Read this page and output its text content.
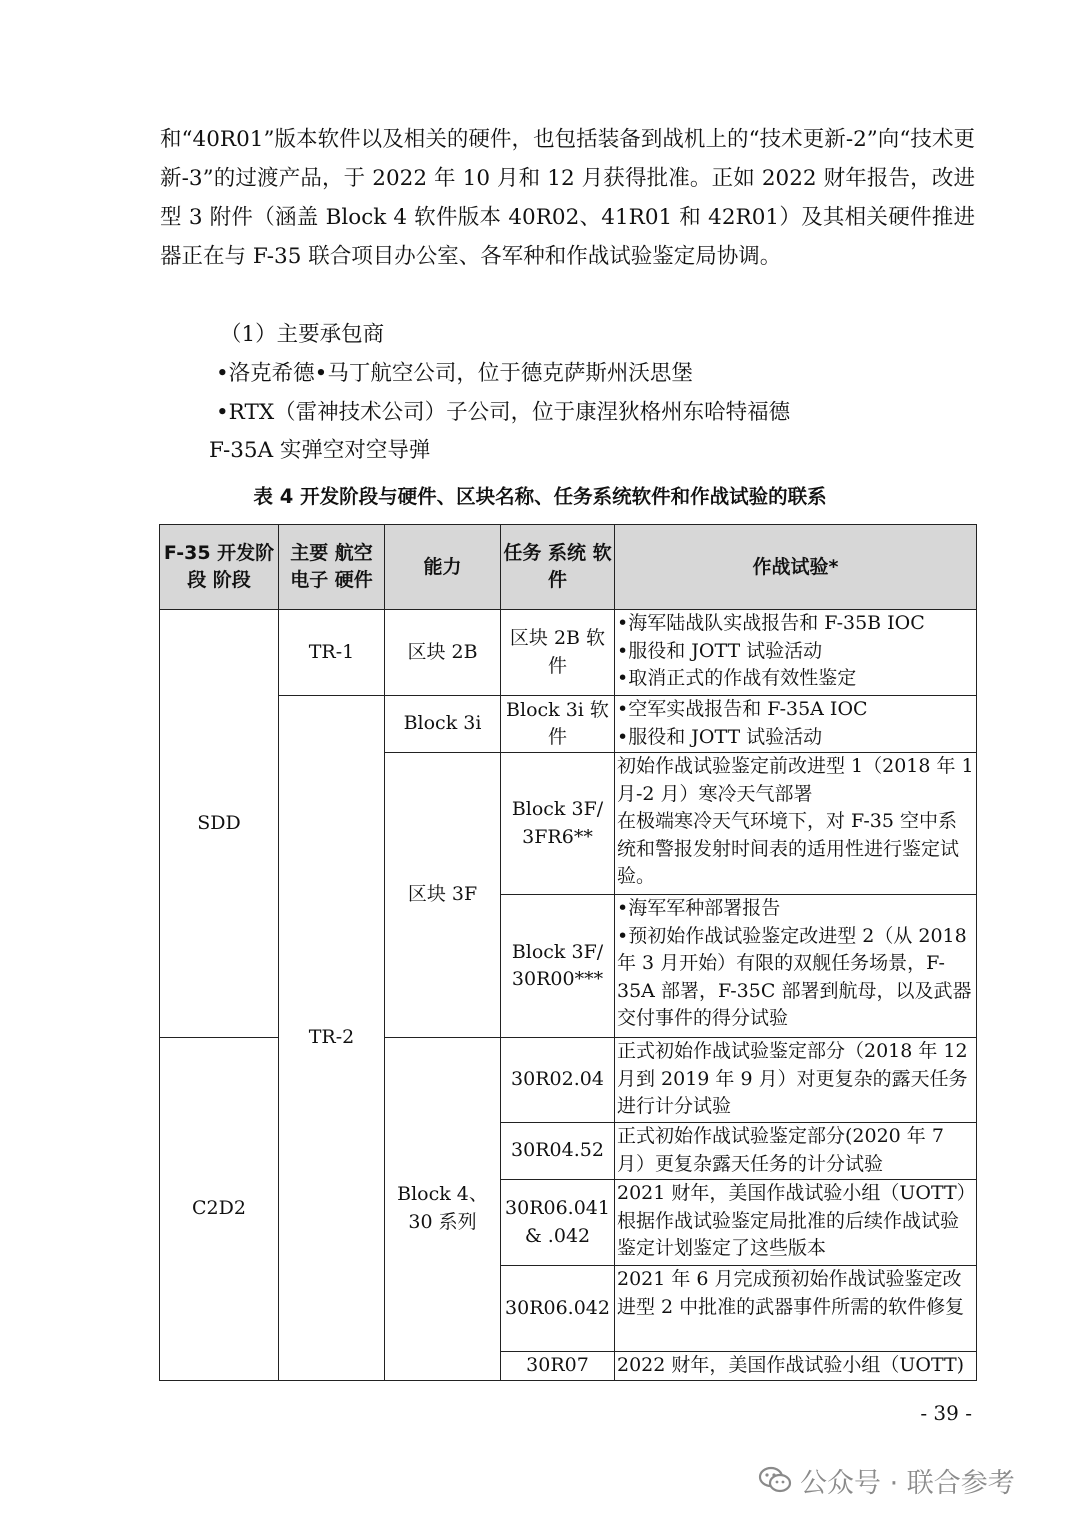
和“40R01”版本软件以及相关的硬件，也包括装备到战机上的“技术更新-2”向“技术更新-3”的过渡产品，于 2022 年 10 月和 12 月获得批准。正如 2022 财年报告，改进型 3 附件（涵盖 Block 4 软件版本 40R02、41R01 和 42R01）及其相关硬件推进器正在与 F-35 联合项目办公室、各军种和作战试验鉴定局协调。
（1）主要承包商
•洛克希德•马丁航空公司，位于德克萨斯州沃思堡
•RTX（雷神技术公司）子公司，位于康涅狄格州东哈特福德
F-35A 实弹空对空导弹
表 4 开发阶段与硬件、区块名称、任务系统软件和作战试验的联系
F-35 开发阶段 阶段	主要 航空电子 硬件	能力	任务 系统 软件	作战试验*
SDD	TR-1	区块 2B	区块 2B 软件	•海军陆战队实战报告和 F-35B IOC

•服役和 JOTT 试验活动

•取消正式的作战有效性鉴定

	TR-2	Block 3i	Block 3i 软件	•空军实战报告和 F-35A IOC

•服役和 JOTT 试验活动

		区块 3F	Block 3F/ 3FR6**	初始作战试验鉴定前改进型 1（2018 年 1 月-2 月）寒冷天气部署

在极端寒冷天气环境下，对 F-35 空中系统和警报发射时间表的适用性进行鉴定试验。

			Block 3F/ 30R00***	•海军军种部署报告

•预初始作战试验鉴定改进型 2（从 2018 年 3 月开始）有限的双舰任务场景，F-35A 部署，F-35C 部署到航母，以及武器交付事件的得分试验

C2D2		Block 4、30 系列	30R02.04	正式初始作战试验鉴定部分（2018 年 12 月到 2019 年 9 月）对更复杂的露天任务进行计分试验

			30R04.52	正式初始作战试验鉴定部分(2020 年 7 月）更复杂露天任务的计分试验

			30R06.041 & .042	2021 财年，美国作战试验小组（UOTT）根据作战试验鉴定局批准的后续作战试验鉴定计划鉴定了这些版本

			30R06.042	2021 年 6 月完成预初始作战试验鉴定改进型 2 中批准的武器事件所需的软件修复

			30R07	2022 财年，美国作战试验小组（UOTT)

- 39 -
公众号 · 联合参考
